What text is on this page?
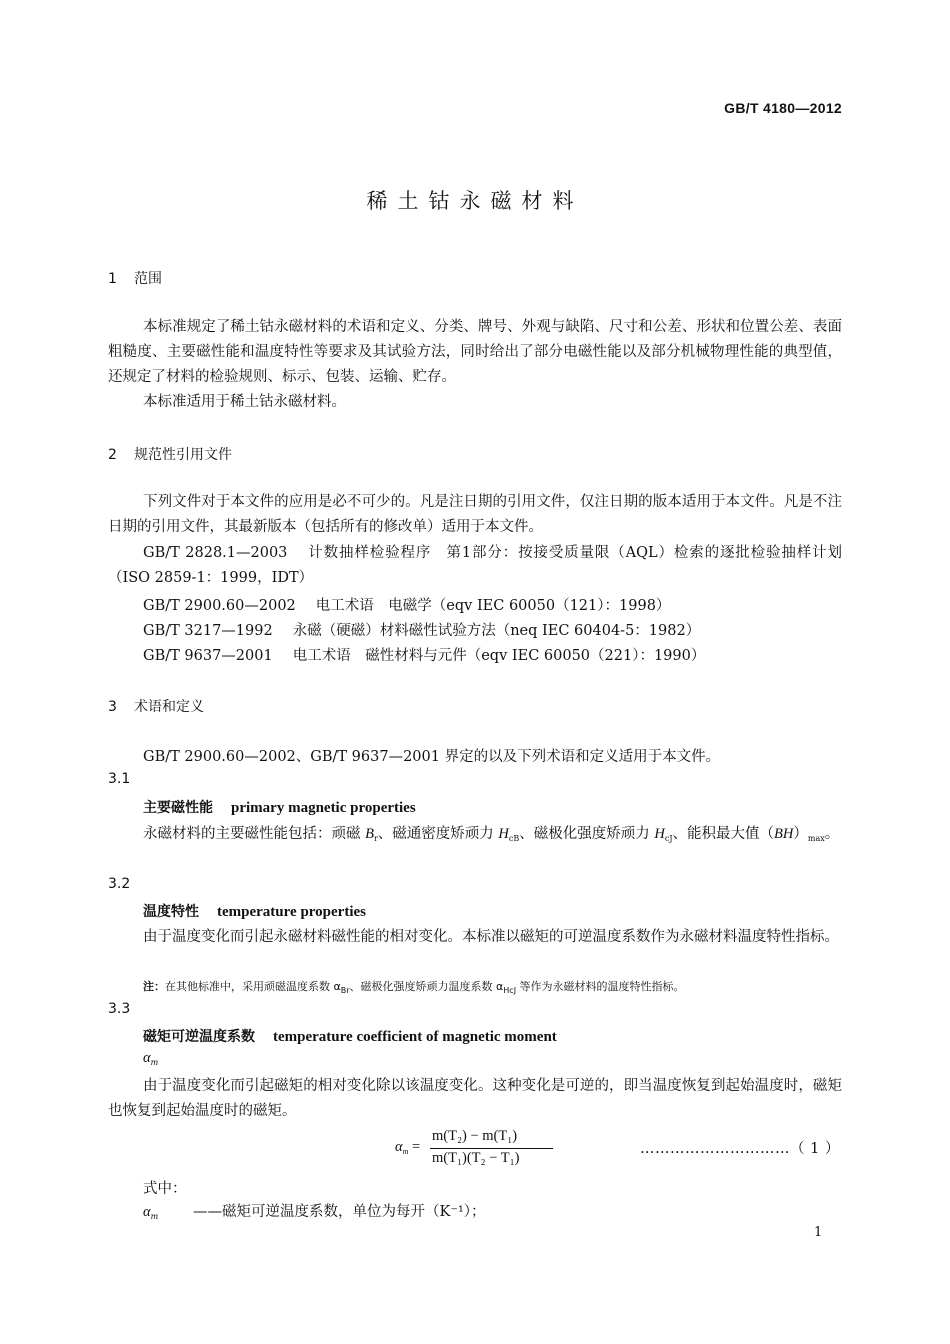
GB/T 4180—2012
稀土钴永磁材料
1 范围
本标准规定了稀土钴永磁材料的术语和定义、分类、牌号、外观与缺陷、尺寸和公差、形状和位置公差、表面粗糙度、主要磁性能和温度特性等要求及其试验方法，同时给出了部分电磁性能以及部分机械物理性能的典型值，还规定了材料的检验规则、标示、包装、运输、贮存。
本标准适用于稀土钴永磁材料。
2 规范性引用文件
下列文件对于本文件的应用是必不可少的。凡是注日期的引用文件，仅注日期的版本适用于本文件。凡是不注日期的引用文件，其最新版本（包括所有的修改单）适用于本文件。
GB/T 2828.1—2003 计数抽样检验程序　第1部分：按接受质量限（AQL）检索的逐批检验抽样计划（ISO 2859-1：1999，IDT）
GB/T 2900.60—2002 电工术语　电磁学（eqv IEC 60050（121）：1998）
GB/T 3217—1992 永磁（硬磁）材料磁性试验方法（neq IEC 60404-5：1982）
GB/T 9637—2001 电工术语　磁性材料与元件（eqv IEC 60050（221）：1990）
3 术语和定义
GB/T 2900.60—2002、GB/T 9637—2001 界定的以及下列术语和定义适用于本文件。
3.1
主要磁性能 primary magnetic properties
永磁材料的主要磁性能包括：顽磁 $B_r$、磁通密度矫顽力 $H_{cB}$、磁极化强度矫顽力 $H_{cJ}$、能积最大值$(BH)_{max}$。
3.2
温度特性 temperature properties
由于温度变化而引起永磁材料磁性能的相对变化。本标准以磁矩的可逆温度系数作为永磁材料温度特性指标。
注：在其他标准中，采用顽磁温度系数 $\alpha_{Br}$、磁极化强度矫顽力温度系数 $\alpha_{HcJ}$ 等作为永磁材料的温度特性指标。
3.3
磁矩可逆温度系数 temperature coefficient of magnetic moment
$\alpha_m$
由于温度变化而引起磁矩的相对变化除以该温度变化。这种变化是可逆的，即当温度恢复到起始温度时，磁矩也恢复到起始温度时的磁矩。
$\alpha_m$ =
m(T₂) − m(T₁)
m(T₁)(T₂ − T₁)
…………………………（ 1 ）
式中：
$\alpha_m$ ——磁矩可逆温度系数，单位为每开（K⁻¹）；
1
